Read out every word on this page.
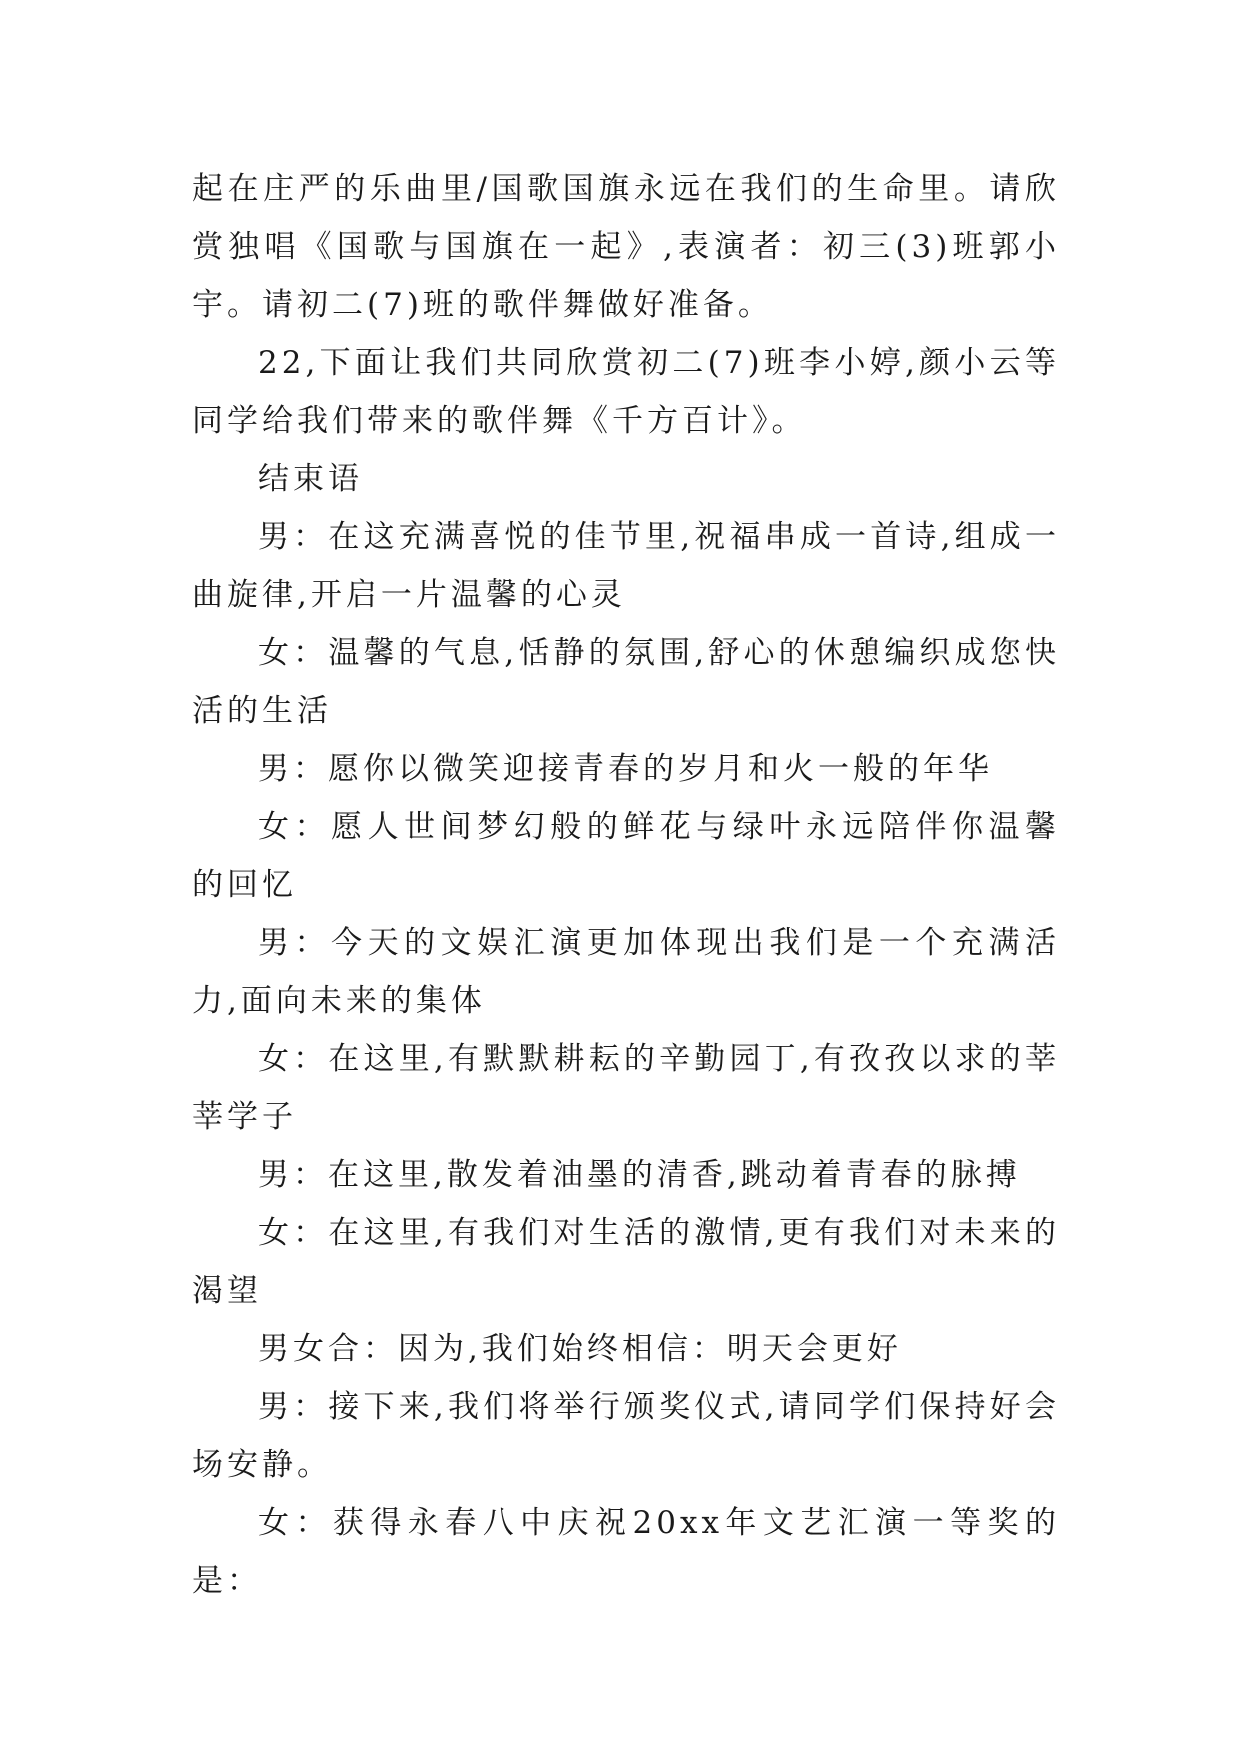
起在庄严的乐曲里/国歌国旗永远在我们的生命里。请欣赏独唱《国歌与国旗在一起》,表演者：初三(3)班郭小宇。请初二(7)班的歌伴舞做好准备。

22,下面让我们共同欣赏初二(7)班李小婷,颜小云等同学给我们带来的歌伴舞《千方百计》。

结束语

男：在这充满喜悦的佳节里,祝福串成一首诗,组成一曲旋律,开启一片温馨的心灵

女：温馨的气息,恬静的氛围,舒心的休憩编织成您快活的生活

男：愿你以微笑迎接青春的岁月和火一般的年华

女：愿人世间梦幻般的鲜花与绿叶永远陪伴你温馨的回忆

男：今天的文娱汇演更加体现出我们是一个充满活力,面向未来的集体

女：在这里,有默默耕耘的辛勤园丁,有孜孜以求的莘莘学子

男：在这里,散发着油墨的清香,跳动着青春的脉搏

女：在这里,有我们对生活的激情,更有我们对未来的渴望

男女合：因为,我们始终相信：明天会更好

男：接下来,我们将举行颁奖仪式,请同学们保持好会场安静。

女：获得永春八中庆祝20xx年文艺汇演一等奖的是：
